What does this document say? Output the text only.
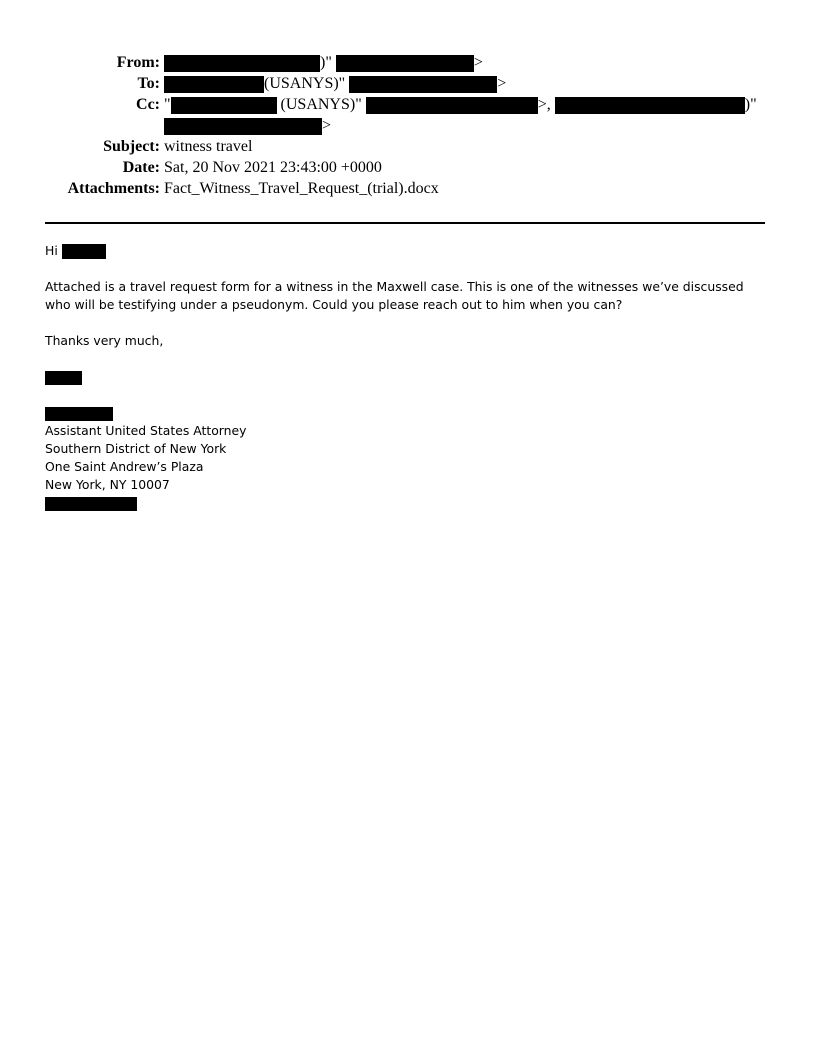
From:	)"	>
To:	(USANYS)"	>
Cc: "	(USANYS)"	>,	)"
>
Subject: witness travel
Date: Sat, 20 Nov 2021 23:43:00 +0000
Attachments: Fact_Witness_Travel_Request_(trial).docx

Hi

Attached is a travel request form for a witness in the Maxwell case. This is one of the witnesses we’ve discussed who will be testifying under a pseudonym. Could you please reach out to him when you can?

Thanks very much,

Assistant United States Attorney
Southern District of New York
One Saint Andrew’s Plaza
New York, NY 10007
